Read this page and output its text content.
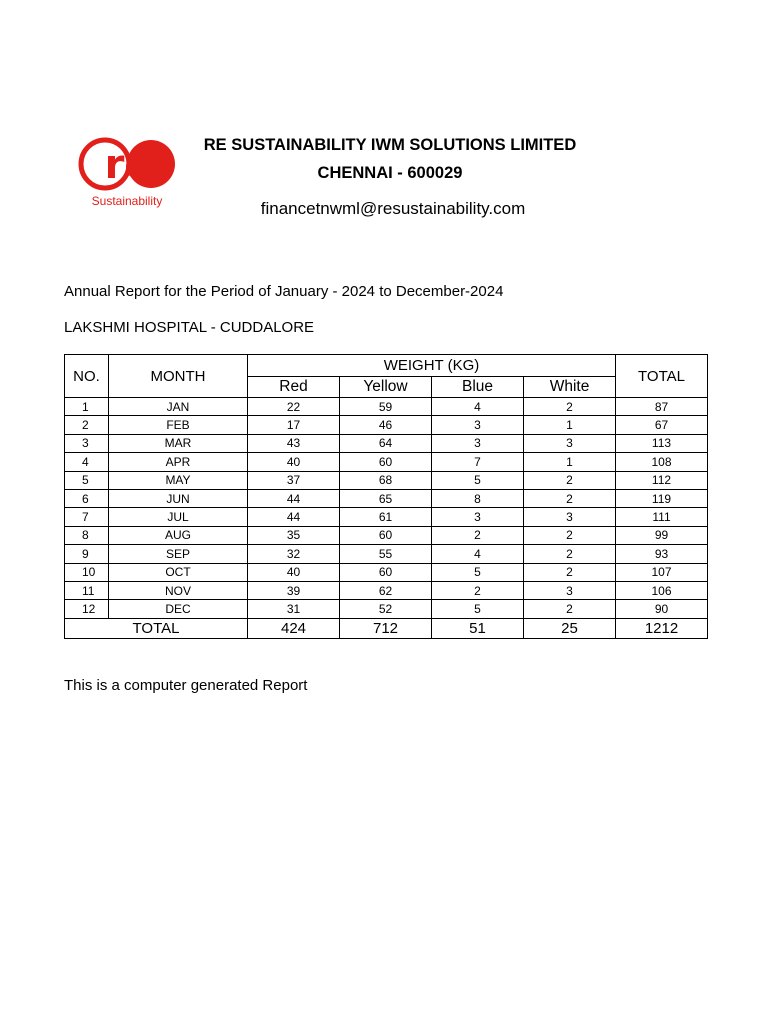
re
Sustainability
RE SUSTAINABILITY IWM SOLUTIONS LIMITED
CHENNAI - 600029
financetnwml@resustainability.com
Annual Report for the Period of January - 2024 to December-2024
LAKSHMI HOSPITAL - CUDDALORE
NO.	MONTH	WEIGHT (KG)				TOTAL
		Red	Yellow	Blue	White	
1	JAN	22	59	4	2	87
2	FEB	17	46	3	1	67
3	MAR	43	64	3	3	113
4	APR	40	60	7	1	108
5	MAY	37	68	5	2	112
6	JUN	44	65	8	2	119
7	JUL	44	61	3	3	111
8	AUG	35	60	2	2	99
9	SEP	32	55	4	2	93
10	OCT	40	60	5	2	107
11	NOV	39	62	2	3	106
12	DEC	31	52	5	2	90
TOTAL		424	712	51	25	1212
This is a computer generated Report
